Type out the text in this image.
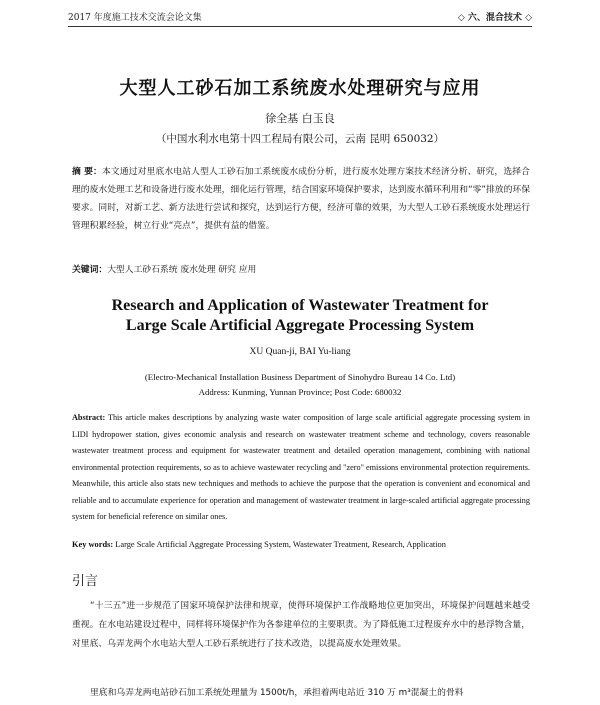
2017 年度施工技术交流会论文集	◇ 六、混合技术 ◇
大型人工砂石加工系统废水处理研究与应用
徐全基 白玉良
（中国水利水电第十四工程局有限公司，云南 昆明 650032）
摘 要：本文通过对里底水电站人型人工砂石加工系统废水成份分析，进行废水处理方案技术经济分析、研究，选择合理的废水处理工艺和设备进行废水处理，细化运行管理，结合国家环境保护要求，达到废水循环利用和“零”排放的环保要求。同时，对新工艺、新方法进行尝试和探究，达到运行方便，经济可靠的效果，为大型人工砂石系统废水处理运行管理积累经验，树立行业“亮点”，提供有益的借鉴。
关键词：大型人工砂石系统 废水处理 研究 应用
Research and Application of Wastewater Treatment for
Large Scale Artificial Aggregate Processing System
XU Quan-ji, BAI Yu-liang
(Electro-Mechanical Installation Business Department of Sinohydro Bureau 14 Co. Ltd)
Address: Kunming, Yunnan Province; Post Code: 680032
Abstract: This article makes descriptions by analyzing waste water composition of large scale artificial aggregate processing system in LIDI hydropower station, gives economic analysis and research on wastewater treatment scheme and technology, covers reasonable wastewater treatment process and equipment for wastewater treatment and detailed operation management, combining with national environmental protection requirements, so as to achieve wastewater recycling and "zero" emissions environmental protection requirements. Meanwhile, this article also stats new techniques and methods to achieve the purpose that the operation is convenient and economical and reliable and to accumulate experience for operation and management of wastewater treatment in large-scaled artificial aggregate processing system for beneficial reference on similar ones.
Key words: Large Scale Artificial Aggregate Processing System, Wastewater Treatment, Research, Application
引言
“十三五”进一步规范了国家环境保护法律和规章，使得环境保护工作战略地位更加突出，环境保护问题越来越受重视。在水电站建设过程中，同样将环境保护作为各参建单位的主要职责。为了降低施工过程废弃水中的悬浮物含量，对里底、乌弄龙两个水电站大型人工砂石系统进行了技术改造，以提高废水处理效果。
里底和乌弄龙两电站砂石加工系统处理量为 1500t/h，承担着两电站近 310 万 m³混凝土的骨料
